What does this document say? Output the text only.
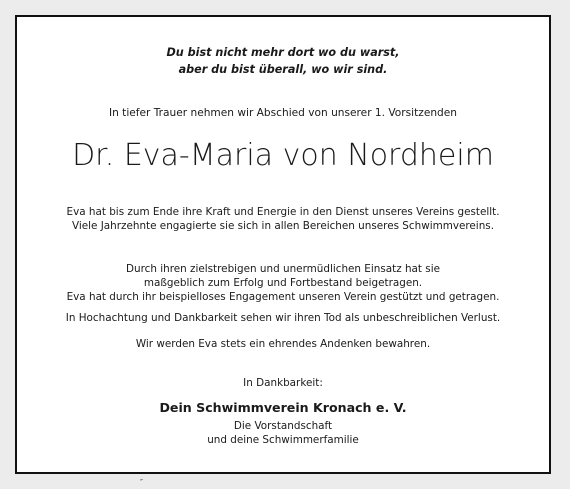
Du bist nicht mehr dort wo du warst,
aber du bist überall, wo wir sind.
In tiefer Trauer nehmen wir Abschied von unserer 1. Vorsitzenden
Dr. Eva-Maria von Nordheim
Eva hat bis zum Ende ihre Kraft und Energie in den Dienst unseres Vereins gestellt.
Viele Jahrzehnte engagierte sie sich in allen Bereichen unseres Schwimmvereins.
Durch ihren zielstrebigen und unermüdlichen Einsatz hat sie
maßgeblich zum Erfolg und Fortbestand beigetragen.
Eva hat durch ihr beispielloses Engagement unseren Verein gestützt und getragen.
In Hochachtung und Dankbarkeit sehen wir ihren Tod als unbeschreiblichen Verlust.
Wir werden Eva stets ein ehrendes Andenken bewahren.
In Dankbarkeit:
Dein Schwimmverein Kronach e. V.
Die Vorstandschaft
und deine Schwimmerfamilie
″
